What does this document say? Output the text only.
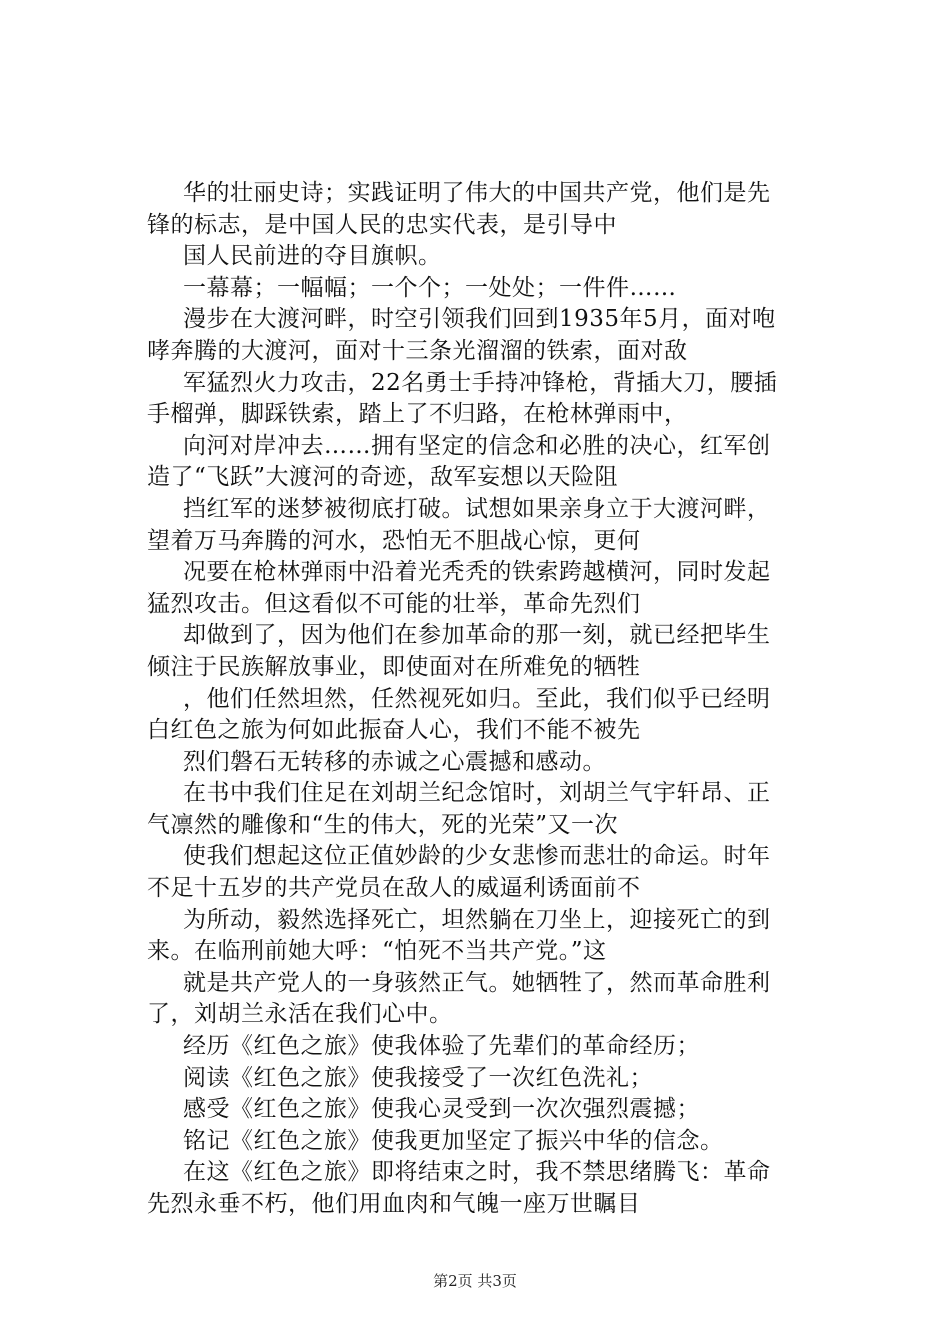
华的壮丽史诗；实践证明了伟大的中国共产党，他们是先
锋的标志，是中国人民的忠实代表，是引导中
国人民前进的夺目旗帜。
一幕幕；一幅幅；一个个；一处处；一件件……
漫步在大渡河畔，时空引领我们回到1935年5月，面对咆
哮奔腾的大渡河，面对十三条光溜溜的铁索，面对敌
军猛烈火力攻击，22名勇士手持冲锋枪，背插大刀，腰插
手榴弹，脚踩铁索，踏上了不归路，在枪林弹雨中，
向河对岸冲去……拥有坚定的信念和必胜的决心，红军创
造了“飞跃”大渡河的奇迹，敌军妄想以天险阻
挡红军的迷梦被彻底打破。试想如果亲身立于大渡河畔，
望着万马奔腾的河水，恐怕无不胆战心惊，更何
况要在枪林弹雨中沿着光秃秃的铁索跨越横河，同时发起
猛烈攻击。但这看似不可能的壮举，革命先烈们
却做到了，因为他们在参加革命的那一刻，就已经把毕生
倾注于民族解放事业，即使面对在所难免的牺牲
，他们任然坦然，任然视死如归。至此，我们似乎已经明
白红色之旅为何如此振奋人心，我们不能不被先
烈们磐石无转移的赤诚之心震撼和感动。
在书中我们住足在刘胡兰纪念馆时，刘胡兰气宇轩昂、正
气凛然的雕像和“生的伟大，死的光荣”又一次
使我们想起这位正值妙龄的少女悲惨而悲壮的命运。时年
不足十五岁的共产党员在敌人的威逼利诱面前不
为所动，毅然选择死亡，坦然躺在刀坐上，迎接死亡的到
来。在临刑前她大呼：“怕死不当共产党。”这
就是共产党人的一身骇然正气。她牺牲了，然而革命胜利
了，刘胡兰永活在我们心中。
经历《红色之旅》使我体验了先辈们的革命经历；
阅读《红色之旅》使我接受了一次红色洗礼；
感受《红色之旅》使我心灵受到一次次强烈震撼；
铭记《红色之旅》使我更加坚定了振兴中华的信念。
在这《红色之旅》即将结束之时，我不禁思绪腾飞：革命
先烈永垂不朽，他们用血肉和气魄一座万世瞩目
第2页 共3页
